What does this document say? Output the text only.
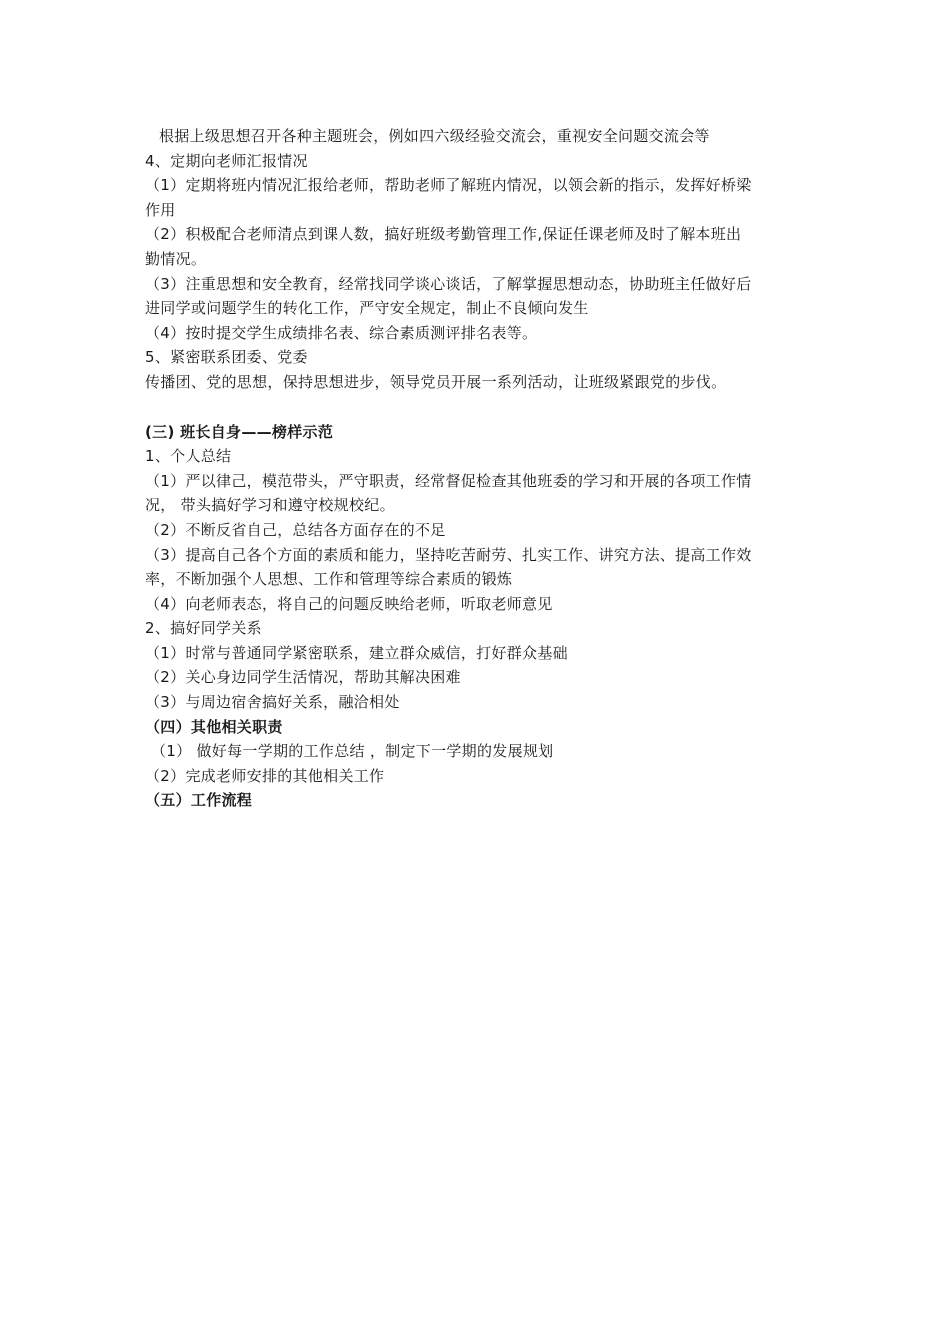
根据上级思想召开各种主题班会，例如四六级经验交流会，重视安全问题交流会等

4、定期向老师汇报情况

（1）定期将班内情况汇报给老师，帮助老师了解班内情况，以领会新的指示，发挥好桥梁

作用

（2）积极配合老师清点到课人数，搞好班级考勤管理工作,保证任课老师及时了解本班出

勤情况。

（3）注重思想和安全教育，经常找同学谈心谈话，了解掌握思想动态，协助班主任做好后

进同学或问题学生的转化工作，严守安全规定，制止不良倾向发生

（4）按时提交学生成绩排名表、综合素质测评排名表等。

5、紧密联系团委、党委

传播团、党的思想，保持思想进步，领导党员开展一系列活动，让班级紧跟党的步伐。

(三) 班长自身——榜样示范

1、个人总结

（1）严以律己，模范带头，严守职责，经常督促检查其他班委的学习和开展的各项工作情

况， 带头搞好学习和遵守校规校纪。

（2）不断反省自己，总结各方面存在的不足

（3）提高自己各个方面的素质和能力，坚持吃苦耐劳、扎实工作、讲究方法、提高工作效

率，不断加强个人思想、工作和管理等综合素质的锻炼

（4）向老师表态，将自己的问题反映给老师，听取老师意见

2、搞好同学关系

（1）时常与普通同学紧密联系，建立群众威信，打好群众基础

（2）关心身边同学生活情况，帮助其解决困难

（3）与周边宿舍搞好关系，融洽相处

（四）其他相关职责

（1） 做好每一学期的工作总结 ，制定下一学期的发展规划

（2）完成老师安排的其他相关工作

（五）工作流程
